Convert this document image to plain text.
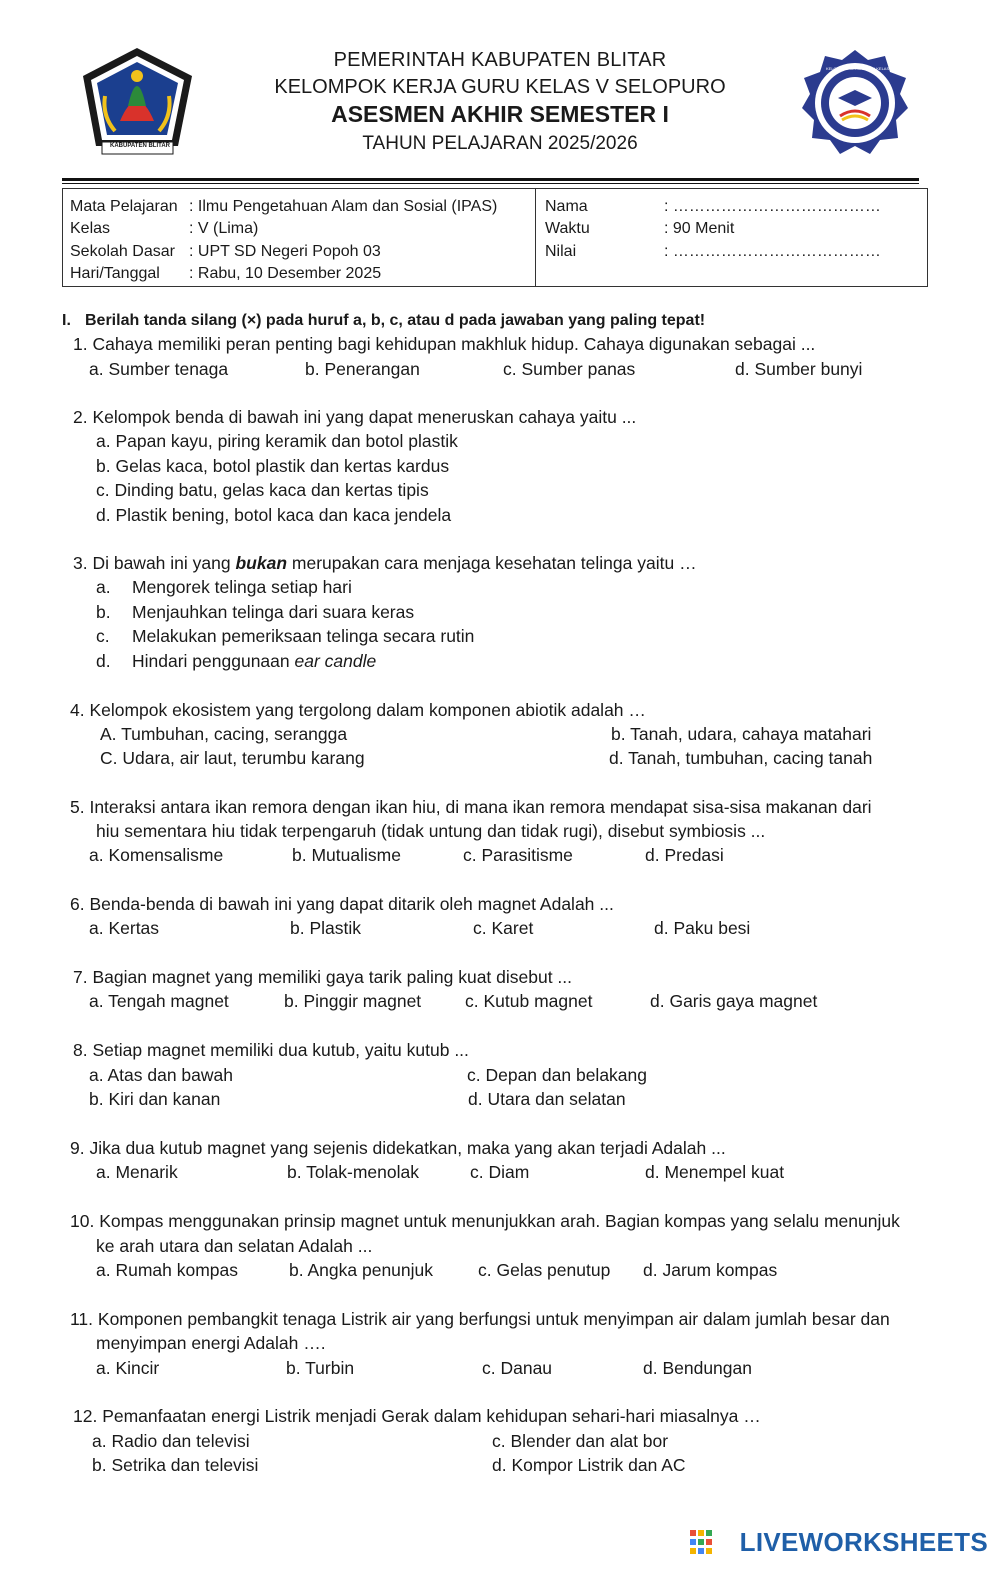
KABUPATEN BLITAR
KELOMPOK KERJA GURU KELAS V
PEMERINTAH KABUPATEN BLITAR
KELOMPOK KERJA GURU KELAS V SELOPURO
ASESMEN AKHIR SEMESTER I
TAHUN PELAJARAN 2025/2026
Mata Pelajaran : Ilmu Pengetahuan Alam dan Sosial (IPAS)
Kelas	: V (Lima)
Sekolah Dasar : UPT SD Negeri Popoh 03
Hari/Tanggal : Rabu, 10 Desember 2025
Nama	: …………………………………
Waktu	: 90 Menit
Nilai	: …………………………………
I. Berilah tanda silang (×) pada huruf a, b, c, atau d pada jawaban yang paling tepat!
1. Cahaya memiliki peran penting bagi kehidupan makhluk hidup. Cahaya digunakan sebagai ...
a. Sumber tenaga	b. Penerangan	c. Sumber panas	d. Sumber bunyi
2. Kelompok benda di bawah ini yang dapat meneruskan cahaya yaitu ...
a. Papan kayu, piring keramik dan botol plastik
b. Gelas kaca, botol plastik dan kertas kardus
c. Dinding batu, gelas kaca dan kertas tipis
d. Plastik bening, botol kaca dan kaca jendela
3. Di bawah ini yang bukan merupakan cara menjaga kesehatan telinga yaitu …
a. Mengorek telinga setiap hari
b. Menjauhkan telinga dari suara keras
c. Melakukan pemeriksaan telinga secara rutin
d. Hindari penggunaan ear candle
4. Kelompok ekosistem yang tergolong dalam komponen abiotik adalah …
A. Tumbuhan, cacing, serangga	b. Tanah, udara, cahaya matahari
C. Udara, air laut, terumbu karang	d. Tanah, tumbuhan, cacing tanah
5. Interaksi antara ikan remora dengan ikan hiu, di mana ikan remora mendapat sisa-sisa makanan dari
hiu sementara hiu tidak terpengaruh (tidak untung dan tidak rugi), disebut symbiosis ...
a. Komensalisme	b. Mutualisme	c. Parasitisme	d. Predasi
6. Benda-benda di bawah ini yang dapat ditarik oleh magnet Adalah ...
a. Kertas	b. Plastik	c. Karet	d. Paku besi
7. Bagian magnet yang memiliki gaya tarik paling kuat disebut ...
a. Tengah magnet	b. Pinggir magnet	c. Kutub magnet	d. Garis gaya magnet
8. Setiap magnet memiliki dua kutub, yaitu kutub ...
a. Atas dan bawah	c. Depan dan belakang
b. Kiri dan kanan	d. Utara dan selatan
9. Jika dua kutub magnet yang sejenis didekatkan, maka yang akan terjadi Adalah ...
a. Menarik	b. Tolak-menolak	c. Diam	d. Menempel kuat
10. Kompas menggunakan prinsip magnet untuk menunjukkan arah. Bagian kompas yang selalu menunjuk
ke arah utara dan selatan Adalah ...
a. Rumah kompas	b. Angka penunjuk	c. Gelas penutup d. Jarum kompas
11. Komponen pembangkit tenaga Listrik air yang berfungsi untuk menyimpan air dalam jumlah besar dan
menyimpan energi Adalah ….
a. Kincir	b. Turbin	c. Danau	d. Bendungan
12. Pemanfaatan energi Listrik menjadi Gerak dalam kehidupan sehari-hari miasalnya …
a. Radio dan televisi	c. Blender dan alat bor
b. Setrika dan televisi	d. Kompor Listrik dan AC
LIVEWORKSHEETS
